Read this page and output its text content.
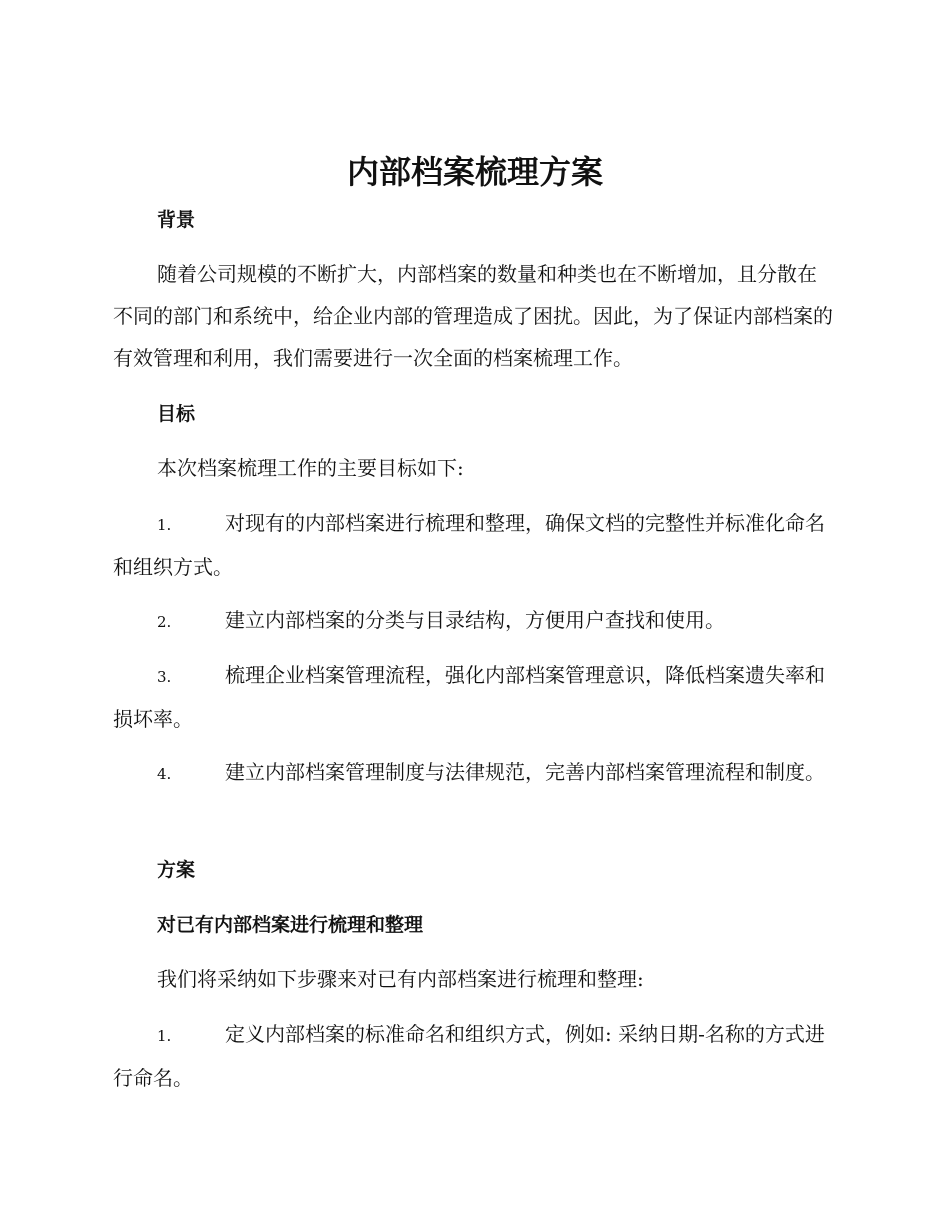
内部档案梳理方案
背景

随着公司规模的不断扩大，内部档案的数量和种类也在不断增加，且分散在不同的部门和系统中，给企业内部的管理造成了困扰。因此，为了保证内部档案的有效管理和利用，我们需要进行一次全面的档案梳理工作。

目标

本次档案梳理工作的主要目标如下:

1.	对现有的内部档案进行梳理和整理，确保文档的完整性并标准化命名和组织方式。
2.	建立内部档案的分类与目录结构，方便用户查找和使用。
3.	梳理企业档案管理流程，强化内部档案管理意识，降低档案遗失率和损坏率。
4.	建立内部档案管理制度与法律规范，完善内部档案管理流程和制度。
方案
对已有内部档案进行梳理和整理

我们将采纳如下步骤来对已有内部档案进行梳理和整理:

1.	定义内部档案的标准命名和组织方式，例如: 采纳日期-名称的方式进行命名。
